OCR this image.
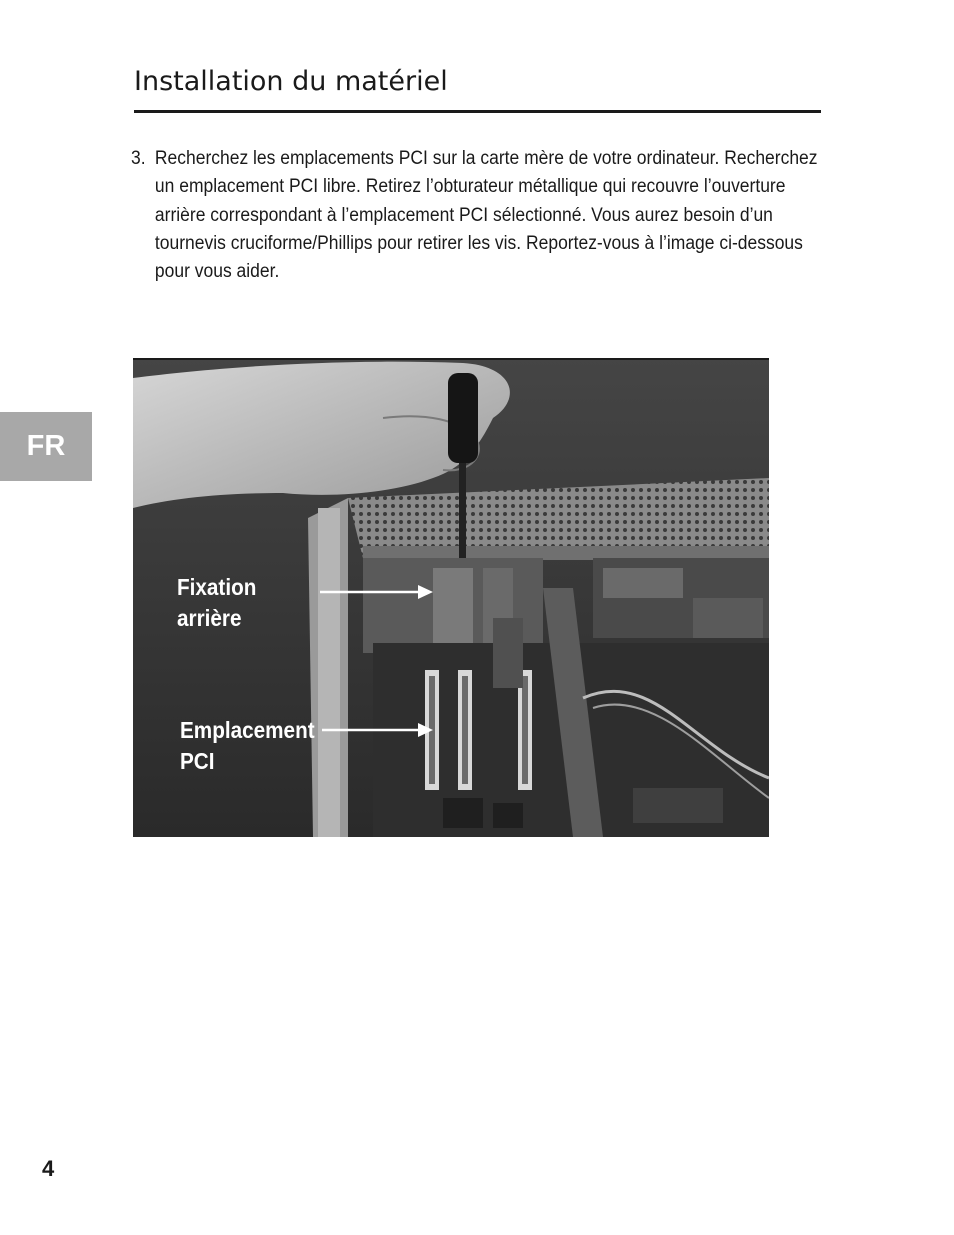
Installation du matériel
3. Recherchez les emplacements PCI sur la carte mère de votre ordinateur. Recherchez un emplacement PCI libre. Retirez l’obturateur métallique qui recouvre l’ouverture arrière correspondant à l’emplacement PCI sélectionné. Vous aurez besoin d’un tournevis cruciforme/Phillips pour retirer les vis. Reportez-vous à l’image ci-dessous pour vous aider.
FR
Fixation
arrière
Emplacement
PCI
4
